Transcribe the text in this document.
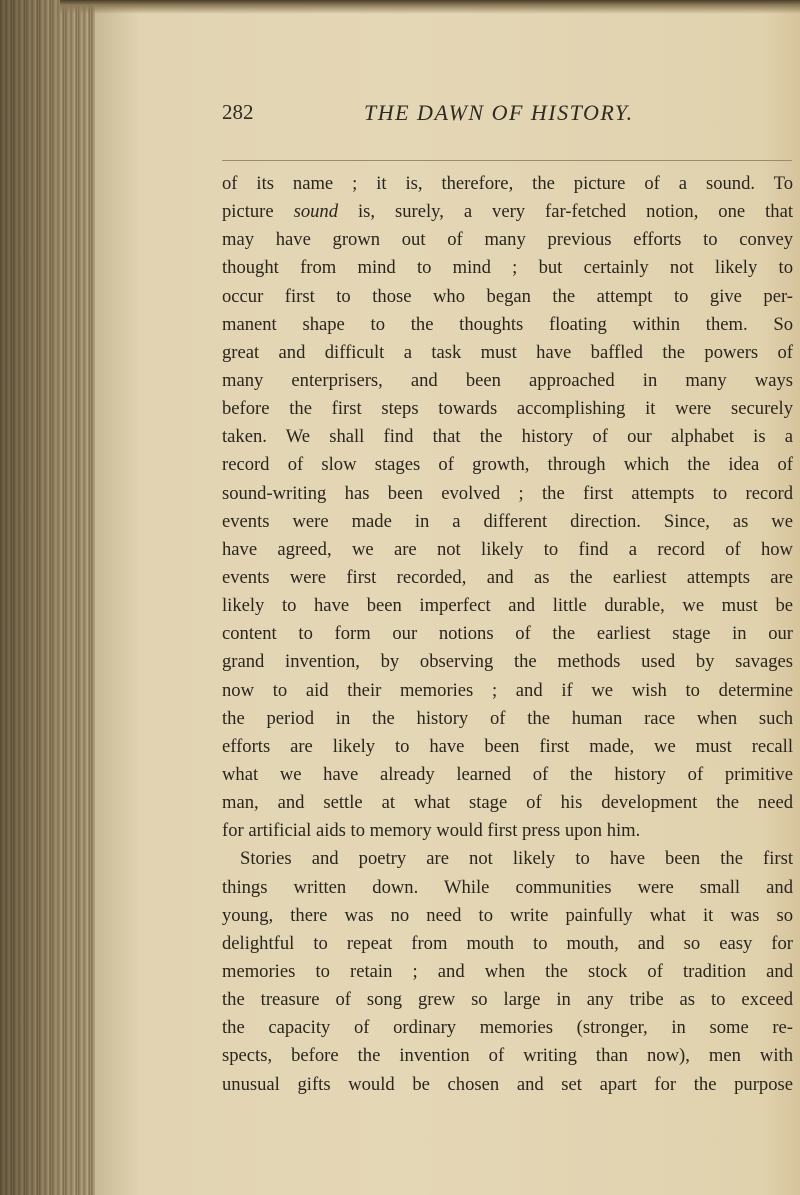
282	THE DAWN OF HISTORY.
of its name ; it is, therefore, the picture of a sound. To
picture sound is, surely, a very far-fetched notion, one that
may have grown out of many previous efforts to convey
thought from mind to mind ; but certainly not likely to
occur first to those who began the attempt to give per-
manent shape to the thoughts floating within them. So
great and difficult a task must have baffled the powers of
many enterprisers, and been approached in many ways
before the first steps towards accomplishing it were securely
taken. We shall find that the history of our alphabet is a
record of slow stages of growth, through which the idea of
sound-writing has been evolved ; the first attempts to record
events were made in a different direction. Since, as we
have agreed, we are not likely to find a record of how
events were first recorded, and as the earliest attempts are
likely to have been imperfect and little durable, we must be
content to form our notions of the earliest stage in our
grand invention, by observing the methods used by savages
now to aid their memories ; and if we wish to determine
the period in the history of the human race when such
efforts are likely to have been first made, we must recall
what we have already learned of the history of primitive
man, and settle at what stage of his development the need
for artificial aids to memory would first press upon him.
Stories and poetry are not likely to have been the first
things written down. While communities were small and
young, there was no need to write painfully what it was so
delightful to repeat from mouth to mouth, and so easy for
memories to retain ; and when the stock of tradition and
the treasure of song grew so large in any tribe as to exceed
the capacity of ordinary memories (stronger, in some re-
spects, before the invention of writing than now), men with
unusual gifts would be chosen and set apart for the purpose
